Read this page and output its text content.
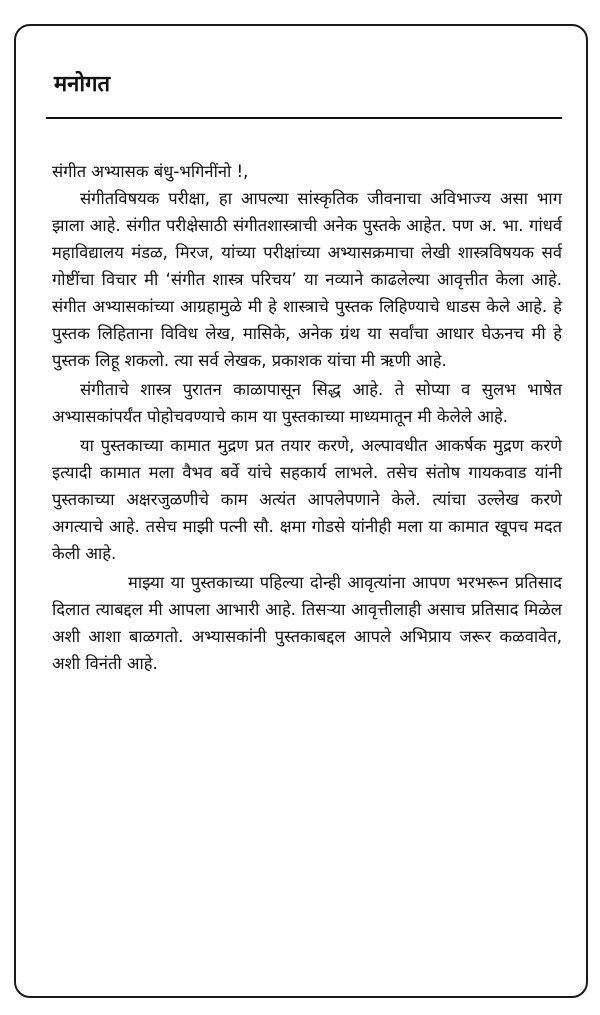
मनोगत

संगीत अभ्यासक बंधु-भगिनींनो !,

संगीतविषयक परीक्षा, हा आपल्या सांस्कृतिक जीवनाचा अविभाज्य असा भाग झाला आहे. संगीत परीक्षेसाठी संगीतशास्त्राची अनेक पुस्तके आहेत. पण अ. भा. गांधर्व महाविद्यालय मंडळ, मिरज, यांच्या परीक्षांच्या अभ्यासक्रमाचा लेखी शास्त्रविषयक सर्व गोष्टींचा विचार मी ‘संगीत शास्त्र परिचय’ या नव्याने काढलेल्या आवृत्तीत केला आहे. संगीत अभ्यासकांच्या आग्रहामुळे मी हे शास्त्राचे पुस्तक लिहिण्याचे धाडस केले आहे. हे पुस्तक लिहिताना विविध लेख, मासिके, अनेक ग्रंथ या सर्वांचा आधार घेऊनच मी हे पुस्तक लिहू शकलो. त्या सर्व लेखक, प्रकाशक यांचा मी ऋणी आहे.

संगीताचे शास्त्र पुरातन काळापासून सिद्ध आहे. ते सोप्या व सुलभ भाषेत अभ्यासकांपर्यंत पोहोचवण्याचे काम या पुस्तकाच्या माध्यमातून मी केलेले आहे.

या पुस्तकाच्या कामात मुद्रण प्रत तयार करणे, अल्पावधीत आकर्षक मुद्रण करणे इत्यादी कामात मला वैभव बर्वे यांचे सहकार्य लाभले. तसेच संतोष गायकवाड यांनी पुस्तकाच्या अक्षरजुळणीचे काम अत्यंत आपलेपणाने केले. त्यांचा उल्लेख करणे अगत्याचे आहे. तसेच माझी पत्नी सौ. क्षमा गोडसे यांनीही मला या कामात खूपच मदत केली आहे.

माझ्या या पुस्तकाच्या पहिल्या दोन्ही आवृत्यांना आपण भरभरून प्रतिसाद दिलात त्याबद्दल मी आपला आभारी आहे. तिसऱ्या आवृत्तीलाही असाच प्रतिसाद मिळेल अशी आशा बाळगतो. अभ्यासकांनी पुस्तकाबद्दल आपले अभिप्राय जरूर कळवावेत, अशी विनंती आहे.
